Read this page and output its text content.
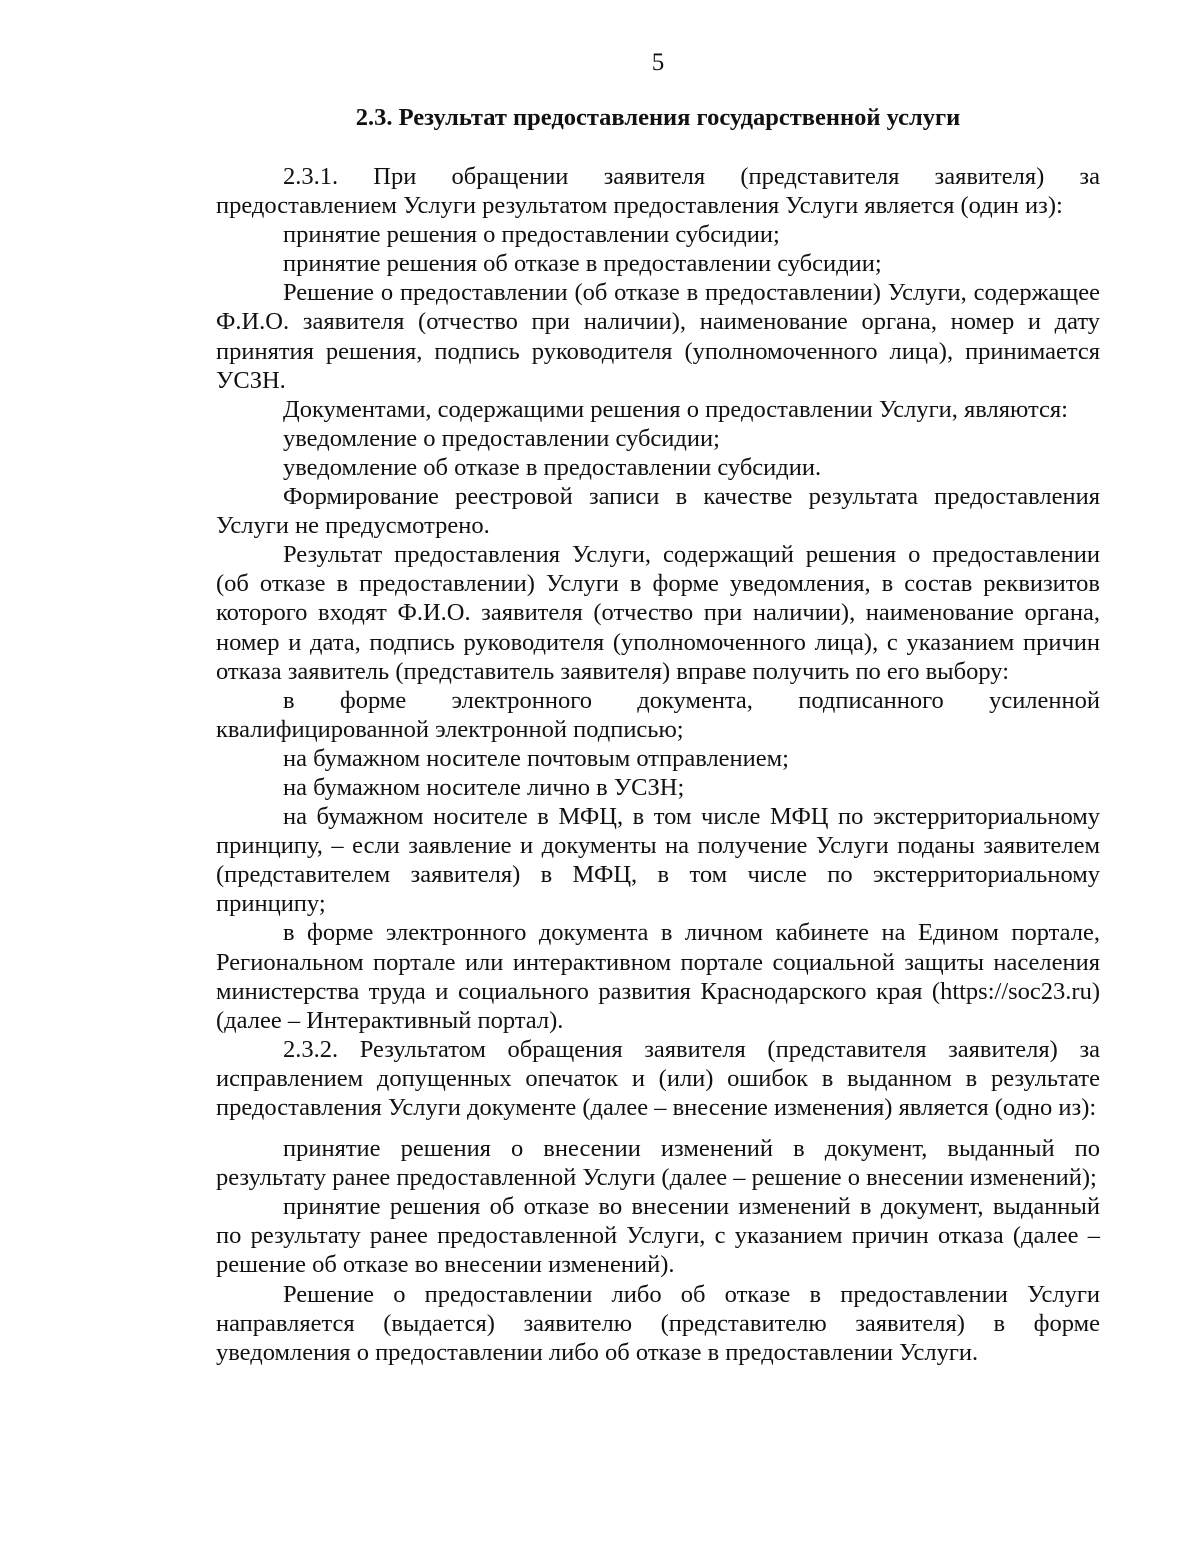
5
2.3. Результат предоставления государственной услуги

2.3.1. При обращении заявителя (представителя заявителя) за предоставлением Услуги результатом предоставления Услуги является (один из):

принятие решения о предоставлении субсидии;

принятие решения об отказе в предоставлении субсидии;

Решение о предоставлении (об отказе в предоставлении) Услуги, содержащее Ф.И.О. заявителя (отчество при наличии), наименование органа, номер и дату принятия решения, подпись руководителя (уполномоченного лица), принимается УСЗН.

Документами, содержащими решения о предоставлении Услуги, являются:

уведомление о предоставлении субсидии;

уведомление об отказе в предоставлении субсидии.

Формирование реестровой записи в качестве результата предоставления Услуги не предусмотрено.

Результат предоставления Услуги, содержащий решения о предоставлении (об отказе в предоставлении) Услуги в форме уведомления, в состав реквизитов которого входят Ф.И.О. заявителя (отчество при наличии), наименование органа, номер и дата, подпись руководителя (уполномоченного лица), с указанием причин отказа заявитель (представитель заявителя) вправе получить по его выбору:

в форме электронного документа, подписанного усиленной квалифицированной электронной подписью;

на бумажном носителе почтовым отправлением;

на бумажном носителе лично в УСЗН;

на бумажном носителе в МФЦ, в том числе МФЦ по экстерриториальному принципу, – если заявление и документы на получение Услуги поданы заявителем (представителем заявителя) в МФЦ, в том числе по экстерриториальному принципу;

в форме электронного документа в личном кабинете на Едином портале, Региональном портале или интерактивном портале социальной защиты населения министерства труда и социального развития Краснодарского края (https://soc23.ru) (далее – Интерактивный портал).

2.3.2. Результатом обращения заявителя (представителя заявителя) за исправлением допущенных опечаток и (или) ошибок в выданном в результате предоставления Услуги документе (далее – внесение изменения) является (одно из):

принятие решения о внесении изменений в документ, выданный по результату ранее предоставленной Услуги (далее – решение о внесении изменений);

принятие решения об отказе во внесении изменений в документ, выданный по результату ранее предоставленной Услуги, с указанием причин отказа (далее – решение об отказе во внесении изменений).

Решение о предоставлении либо об отказе в предоставлении Услуги направляется (выдается) заявителю (представителю заявителя) в форме уведомления о предоставлении либо об отказе в предоставлении Услуги.
